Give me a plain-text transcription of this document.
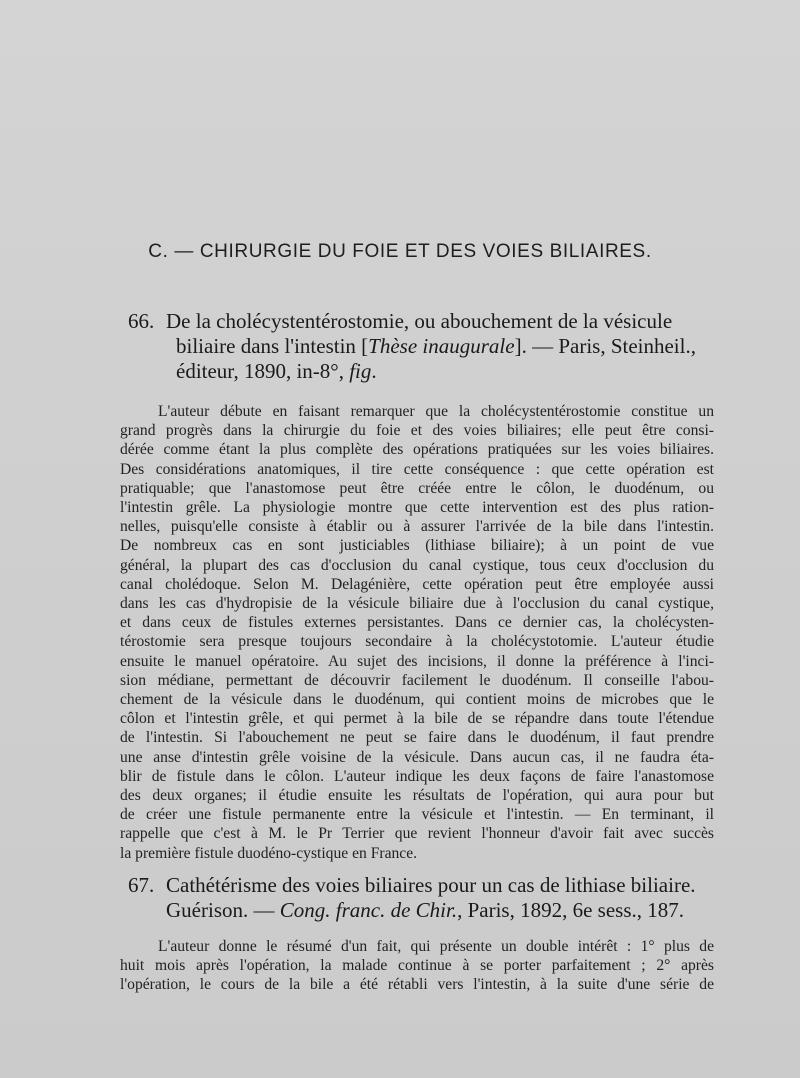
C. — CHIRURGIE DU FOIE ET DES VOIES BILIAIRES.
66. De la cholécystentérostomie, ou abouchement de la vésicule
biliaire dans l'intestin [Thèse inaugurale]. — Paris, Steinheil.,
éditeur, 1890, in-8°, fig.
L'auteur débute en faisant remarquer que la cholécystentérostomie constitue un
grand progrès dans la chirurgie du foie et des voies biliaires; elle peut être consi-
dérée comme étant la plus complète des opérations pratiquées sur les voies biliaires.
Des considérations anatomiques, il tire cette conséquence : que cette opération est
pratiquable; que l'anastomose peut être créée entre le côlon, le duodénum, ou
l'intestin grêle. La physiologie montre que cette intervention est des plus ration-
nelles, puisqu'elle consiste à établir ou à assurer l'arrivée de la bile dans l'intestin.
De nombreux cas en sont justiciables (lithiase biliaire); à un point de vue
général, la plupart des cas d'occlusion du canal cystique, tous ceux d'occlusion du
canal cholédoque. Selon M. Delagénière, cette opération peut être employée aussi
dans les cas d'hydropisie de la vésicule biliaire due à l'occlusion du canal cystique,
et dans ceux de fistules externes persistantes. Dans ce dernier cas, la cholécysten-
térostomie sera presque toujours secondaire à la cholécystotomie. L'auteur étudie
ensuite le manuel opératoire. Au sujet des incisions, il donne la préférence à l'inci-
sion médiane, permettant de découvrir facilement le duodénum. Il conseille l'abou-
chement de la vésicule dans le duodénum, qui contient moins de microbes que le
côlon et l'intestin grêle, et qui permet à la bile de se répandre dans toute l'étendue
de l'intestin. Si l'abouchement ne peut se faire dans le duodénum, il faut prendre
une anse d'intestin grêle voisine de la vésicule. Dans aucun cas, il ne faudra éta-
blir de fistule dans le côlon. L'auteur indique les deux façons de faire l'anastomose
des deux organes; il étudie ensuite les résultats de l'opération, qui aura pour but
de créer une fistule permanente entre la vésicule et l'intestin. — En terminant, il
rappelle que c'est à M. le Pr Terrier que revient l'honneur d'avoir fait avec succès
la première fistule duodéno-cystique en France.
67. Cathétérisme des voies biliaires pour un cas de lithiase biliaire.
Guérison. — Cong. franc. de Chir., Paris, 1892, 6e sess., 187.
L'auteur donne le résumé d'un fait, qui présente un double intérêt : 1° plus de
huit mois après l'opération, la malade continue à se porter parfaitement ; 2° après
l'opération, le cours de la bile a été rétabli vers l'intestin, à la suite d'une série de
